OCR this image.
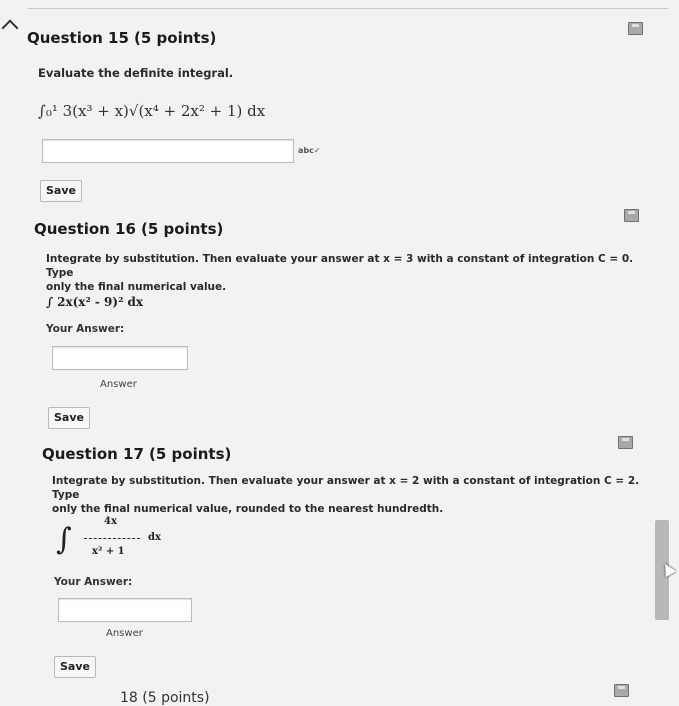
Question 15 (5 points)
Evaluate the definite integral.
∫₀¹ 3(x³ + x)√(x⁴ + 2x² + 1) dx
abc✓
Save
Question 16 (5 points)
Integrate by substitution. Then evaluate your answer at x = 3 with a constant of integration C = 0. Type
only the final numerical value.
∫ 2x(x² - 9)² dx
Your Answer:
Answer
Save
Question 17 (5 points)
Integrate by substitution. Then evaluate your answer at x = 2 with a constant of integration C = 2. Type
only the final numerical value, rounded to the nearest hundredth.
∫
4x
x² + 1
dx
Your Answer:
Answer
Save
18 (5 points)
